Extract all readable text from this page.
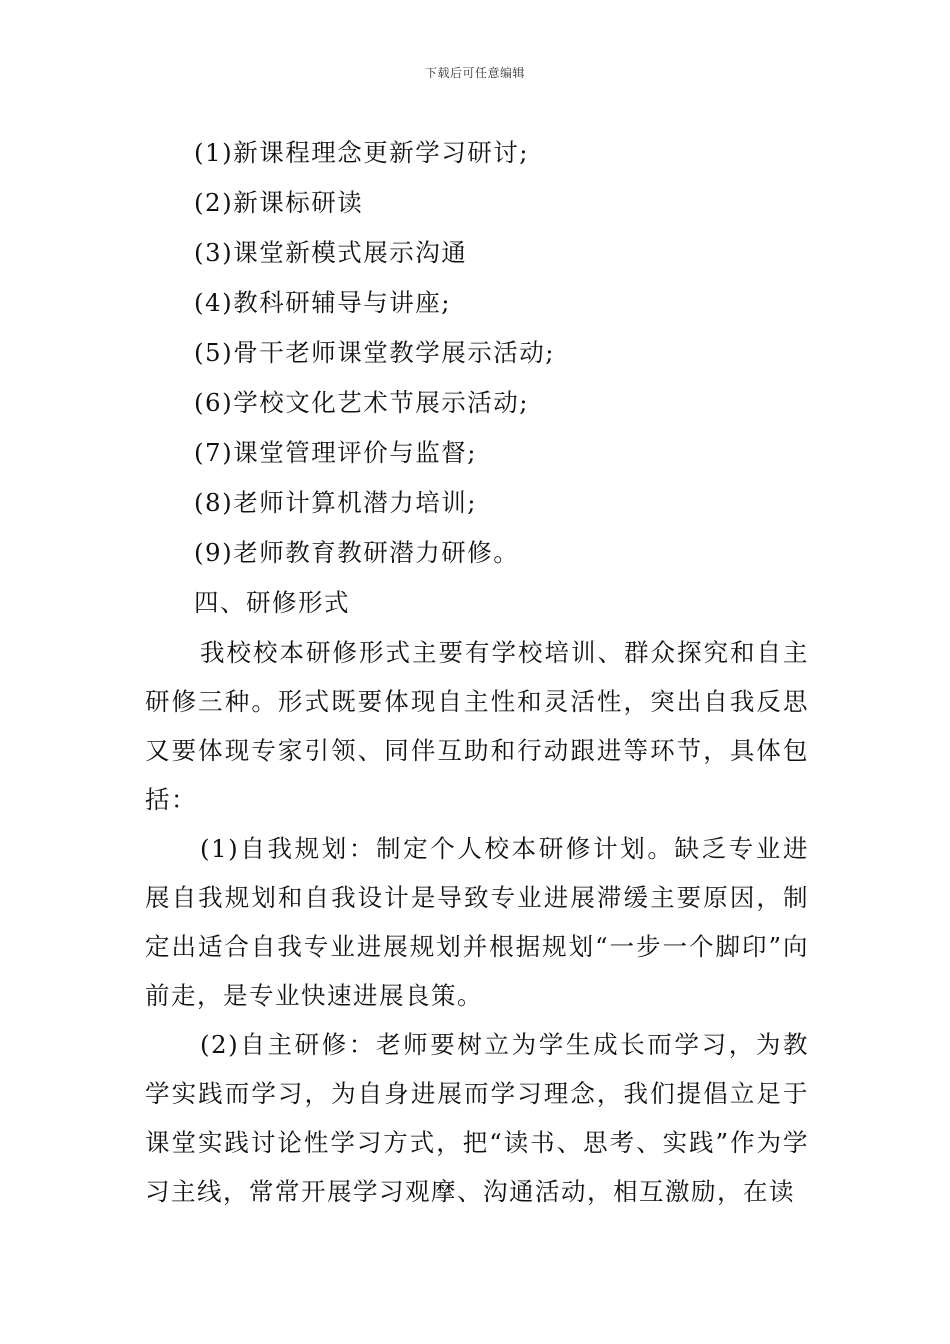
下载后可任意编辑

(1)新课程理念更新学习研讨;

(2)新课标研读

(3)课堂新模式展示沟通

(4)教科研辅导与讲座;

(5)骨干老师课堂教学展示活动;

(6)学校文化艺术节展示活动;

(7)课堂管理评价与监督;

(8)老师计算机潜力培训;

(9)老师教育教研潜力研修。

四、研修形式

我校校本研修形式主要有学校培训、群众探究和自主研修三种。形式既要体现自主性和灵活性，突出自我反思又要体现专家引领、同伴互助和行动跟进等环节，具体包括：

(1)自我规划：制定个人校本研修计划。缺乏专业进展自我规划和自我设计是导致专业进展滞缓主要原因，制定出适合自我专业进展规划并根据规划“一步一个脚印”向前走，是专业快速进展良策。

(2)自主研修：老师要树立为学生成长而学习，为教学实践而学习，为自身进展而学习理念，我们提倡立足于课堂实践讨论性学习方式，把“读书、思考、实践”作为学习主线，常常开展学习观摩、沟通活动，相互激励，在读
